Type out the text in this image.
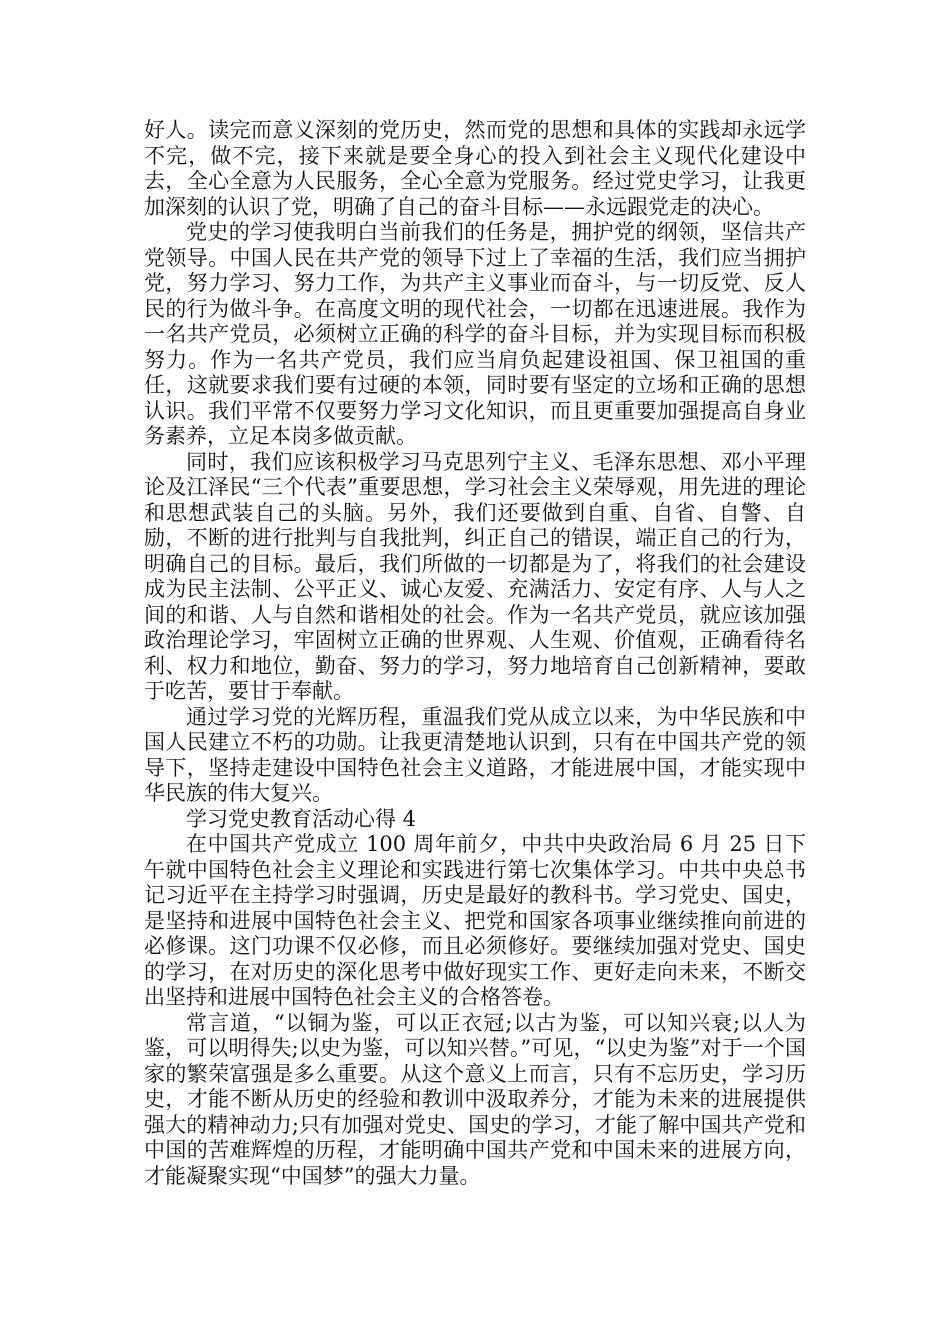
好人。读完而意义深刻的党历史，然而党的思想和具体的实践却永远学不完，做不完，接下来就是要全身心的投入到社会主义现代化建设中去，全心全意为人民服务，全心全意为党服务。经过党史学习，让我更加深刻的认识了党，明确了自己的奋斗目标——永远跟党走的决心。

党史的学习使我明白当前我们的任务是，拥护党的纲领，坚信共产党领导。中国人民在共产党的领导下过上了幸福的生活，我们应当拥护党，努力学习、努力工作，为共产主义事业而奋斗，与一切反党、反人民的行为做斗争。在高度文明的现代社会，一切都在迅速进展。我作为一名共产党员，必须树立正确的科学的奋斗目标，并为实现目标而积极努力。作为一名共产党员，我们应当肩负起建设祖国、保卫祖国的重任，这就要求我们要有过硬的本领，同时要有坚定的立场和正确的思想认识。我们平常不仅要努力学习文化知识，而且更重要加强提高自身业务素养，立足本岗多做贡献。

同时，我们应该积极学习马克思列宁主义、毛泽东思想、邓小平理论及江泽民“三个代表”重要思想，学习社会主义荣辱观，用先进的理论和思想武装自己的头脑。另外，我们还要做到自重、自省、自警、自励，不断的进行批判与自我批判，纠正自己的错误，端正自己的行为，明确自己的目标。最后，我们所做的一切都是为了，将我们的社会建设成为民主法制、公平正义、诚心友爱、充满活力、安定有序、人与人之间的和谐、人与自然和谐相处的社会。作为一名共产党员，就应该加强政治理论学习，牢固树立正确的世界观、人生观、价值观，正确看待名利、权力和地位，勤奋、努力的学习，努力地培育自己创新精神，要敢于吃苦，要甘于奉献。

通过学习党的光辉历程，重温我们党从成立以来，为中华民族和中国人民建立不朽的功勋。让我更清楚地认识到，只有在中国共产党的领导下，坚持走建设中国特色社会主义道路，才能进展中国，才能实现中华民族的伟大复兴。

学习党史教育活动心得 4

在中国共产党成立 100 周年前夕，中共中央政治局 6 月 25 日下午就中国特色社会主义理论和实践进行第七次集体学习。中共中央总书记习近平在主持学习时强调，历史是最好的教科书。学习党史、国史，是坚持和进展中国特色社会主义、把党和国家各项事业继续推向前进的必修课。这门功课不仅必修，而且必须修好。要继续加强对党史、国史的学习，在对历史的深化思考中做好现实工作、更好走向未来，不断交出坚持和进展中国特色社会主义的合格答卷。

常言道，“以铜为鉴，可以正衣冠;以古为鉴，可以知兴衰;以人为鉴，可以明得失;以史为鉴，可以知兴替。”可见，“以史为鉴”对于一个国家的繁荣富强是多么重要。从这个意义上而言，只有不忘历史，学习历史，才能不断从历史的经验和教训中汲取养分，才能为未来的进展提供强大的精神动力;只有加强对党史、国史的学习，才能了解中国共产党和中国的苦难辉煌的历程，才能明确中国共产党和中国未来的进展方向，才能凝聚实现“中国梦”的强大力量。
